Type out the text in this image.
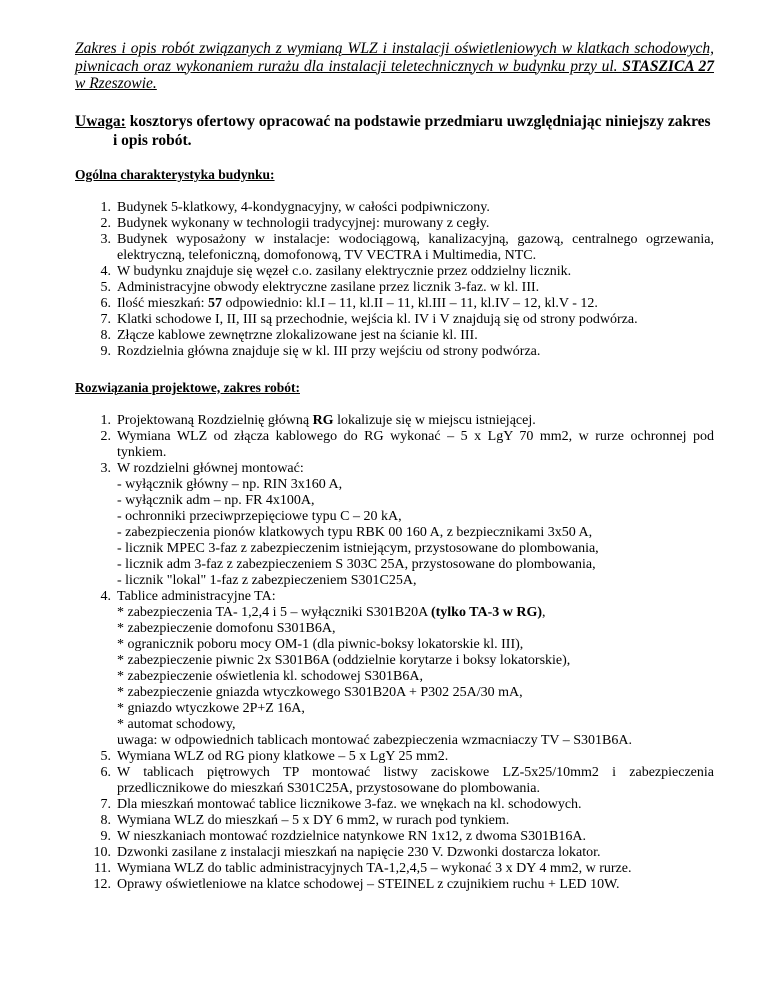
Zakres i opis robót związanych z wymianą WLZ i instalacji oświetleniowych w klatkach schodowych, piwnicach oraz wykonaniem rurażu dla instalacji teletechnicznych w budynku przy ul. STASZICA 27 w Rzeszowie.

Uwaga: kosztorys ofertowy opracować na podstawie przedmiaru uwzględniając niniejszy zakres i opis robót.

Ogólna charakterystyka budynku:
1. Budynek 5-klatkowy, 4-kondygnacyjny, w całości podpiwniczony.
2. Budynek wykonany w technologii tradycyjnej: murowany z cegły.
3. Budynek wyposażony w instalacje: wodociągową, kanalizacyjną, gazową, centralnego ogrzewania, elektryczną, telefoniczną, domofonową, TV VECTRA i Multimedia, NTC.
4. W budynku znajduje się węzeł c.o. zasilany elektrycznie przez oddzielny licznik.
5. Administracyjne obwody elektryczne zasilane przez licznik 3-faz. w kl. III.
6. Ilość mieszkań: 57 odpowiednio: kl.I – 11, kl.II – 11, kl.III – 11, kl.IV – 12, kl.V - 12.
7. Klatki schodowe I, II, III są przechodnie, wejścia kl. IV i V znajdują się od strony podwórza.
8. Złącze kablowe zewnętrzne zlokalizowane jest na ścianie kl. III.
9. Rozdzielnia główna znajduje się w kl. III przy wejściu od strony podwórza.
Rozwiązania projektowe, zakres robót:
1. Projektowaną Rozdzielnię główną RG lokalizuje się w miejscu istniejącej.
2. Wymiana WLZ od złącza kablowego do RG wykonać – 5 x LgY 70 mm2, w rurze ochronnej pod tynkiem.
3. W rozdzielni głównej montować:
- wyłącznik główny – np. RIN 3x160 A,
- wyłącznik adm – np. FR 4x100A,
- ochronniki przeciwprzepięciowe typu C – 20 kA,
- zabezpieczenia pionów klatkowych typu RBK 00 160 A, z bezpiecznikami 3x50 A,
- licznik MPEC 3-faz z zabezpieczenim istniejącym, przystosowane do plombowania,
- licznik adm 3-faz z zabezpieczeniem S 303C 25A, przystosowane do plombowania,
- licznik "lokal" 1-faz z zabezpieczeniem S301C25A,
4. Tablice administracyjne TA:
* zabezpieczenia TA- 1,2,4 i 5 – wyłączniki S301B20A (tylko TA-3 w RG),
* zabezpieczenie domofonu S301B6A,
* ogranicznik poboru mocy OM-1 (dla piwnic-boksy lokatorskie kl. III),
* zabezpieczenie piwnic 2x S301B6A (oddzielnie korytarze i boksy lokatorskie),
* zabezpieczenie oświetlenia kl. schodowej S301B6A,
* zabezpieczenie gniazda wtyczkowego S301B20A + P302 25A/30 mA,
* gniazdo wtyczkowe 2P+Z 16A,
* automat schodowy,
uwaga: w odpowiednich tablicach montować zabezpieczenia wzmacniaczy TV – S301B6A.
5. Wymiana WLZ od RG piony klatkowe – 5 x LgY 25 mm2.
6. W tablicach piętrowych TP montować listwy zaciskowe LZ-5x25/10mm2 i zabezpieczenia przedlicznikowe do mieszkań S301C25A, przystosowane do plombowania.
7. Dla mieszkań montować tablice licznikowe 3-faz. we wnękach na kl. schodowych.
8. Wymiana WLZ do mieszkań – 5 x DY 6 mm2, w rurach pod tynkiem.
9. W nieszkaniach montować rozdzielnice natynkowe RN 1x12, z dwoma S301B16A.
10. Dzwonki zasilane z instalacji mieszkań na napięcie 230 V. Dzwonki dostarcza lokator.
11. Wymiana WLZ do tablic administracyjnych TA-1,2,4,5 – wykonać 3 x DY 4 mm2, w rurze.
12. Oprawy oświetleniowe na klatce schodowej – STEINEL z czujnikiem ruchu + LED 10W.
